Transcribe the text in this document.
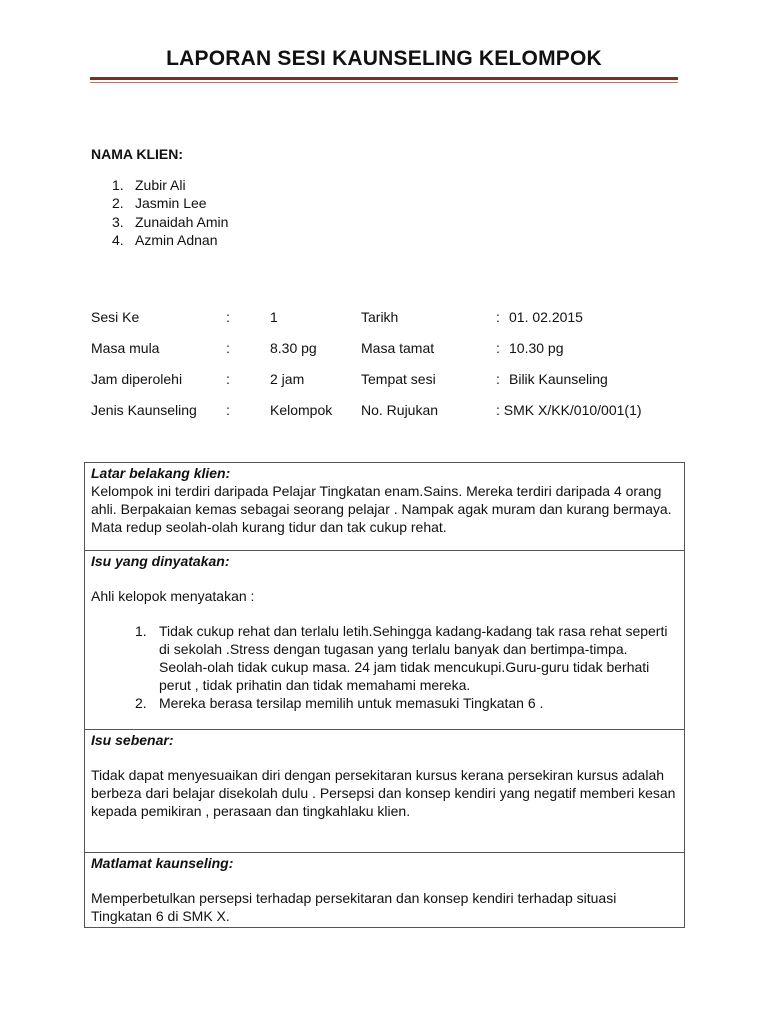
LAPORAN SESI KAUNSELING KELOMPOK
NAMA KLIEN:
1. Zubir Ali
2. Jasmin Lee
3. Zunaidah Amin
4. Azmin Adnan
Sesi Ke	:	1	Tarikh	: 01. 02.2015
Masa mula	:	8.30 pg	Masa tamat	: 10.30 pg
Jam diperolehi	:	2 jam	Tempat sesi	: Bilik Kaunseling
Jenis Kaunseling :	Kelompok No. Rujukan	: SMK X/KK/010/001(1)
Latar belakang klien:

Kelompok ini terdiri daripada Pelajar Tingkatan enam.Sains. Mereka terdiri daripada 4 orang ahli. Berpakaian kemas sebagai seorang pelajar . Nampak agak muram dan kurang bermaya. Mata redup seolah-olah kurang tidur dan tak cukup rehat.

Isu yang dinyatakan:

Ahli kelopok menyatakan :

1. Tidak cukup rehat dan terlalu letih.Sehingga kadang-kadang tak rasa rehat seperti di sekolah .Stress dengan tugasan yang terlalu banyak dan bertimpa-timpa. Seolah-olah tidak cukup masa. 24 jam tidak mencukupi.Guru-guru tidak berhati perut , tidak prihatin dan tidak memahami mereka.
2. Mereka berasa tersilap memilih untuk memasuki Tingkatan 6 .
Isu sebenar:

Tidak dapat menyesuaikan diri dengan persekitaran kursus kerana persekiran kursus adalah berbeza dari belajar disekolah dulu . Persepsi dan konsep kendiri yang negatif memberi kesan kepada pemikiran , perasaan dan tingkahlaku klien.

Matlamat kaunseling:

Memperbetulkan persepsi terhadap persekitaran dan konsep kendiri terhadap situasi Tingkatan 6 di SMK X.
